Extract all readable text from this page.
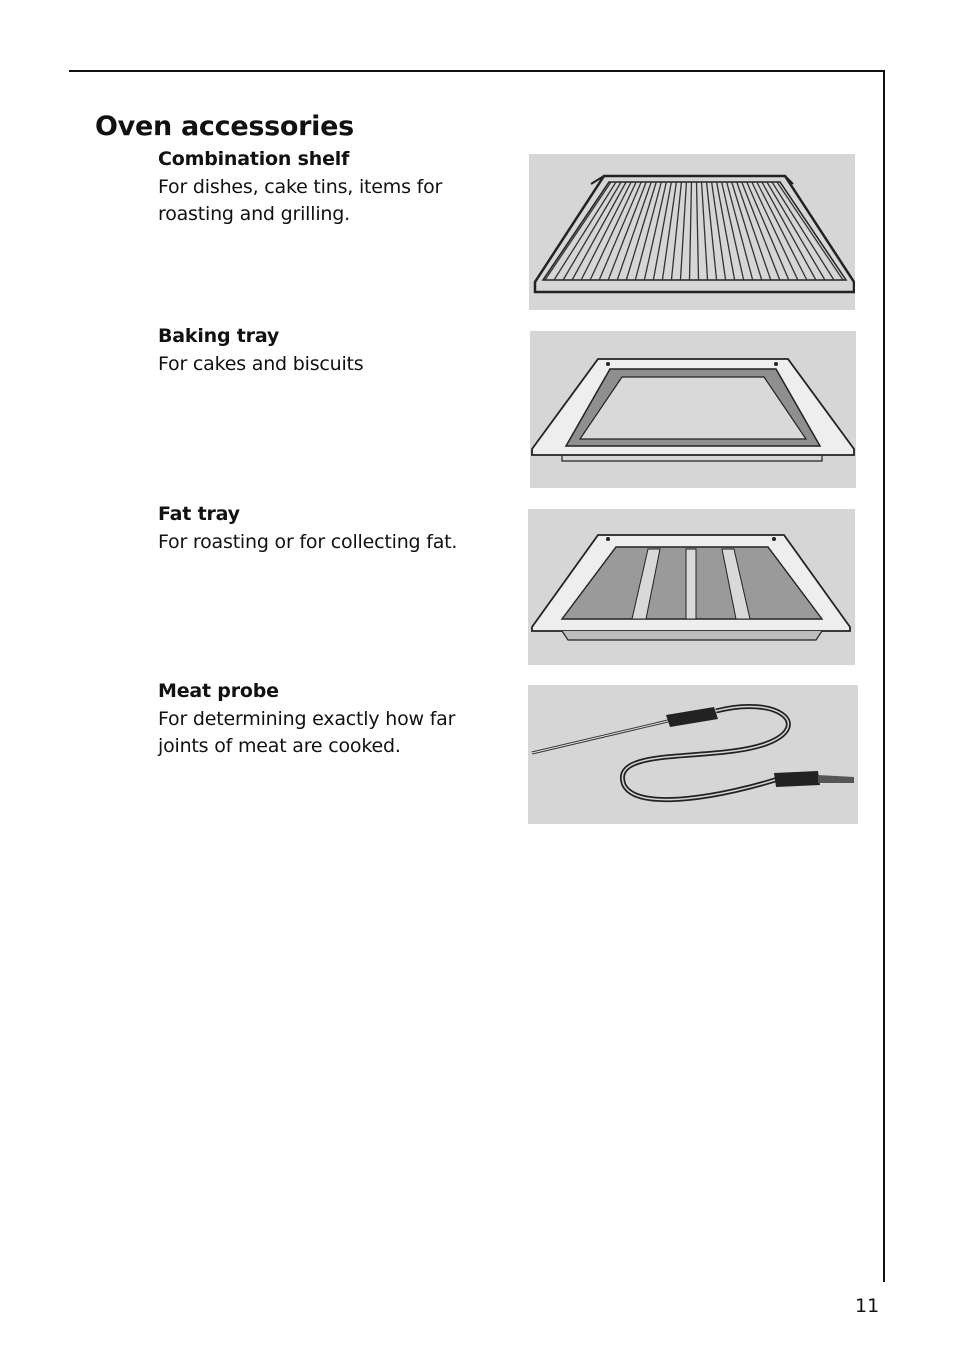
Oven accessories
Combination shelf

For dishes, cake tins, items for roasting and grilling.

Baking tray

For cakes and biscuits

Fat tray

For roasting or for collecting fat.

Meat probe

For determining exactly how far joints of meat are cooked.

11
